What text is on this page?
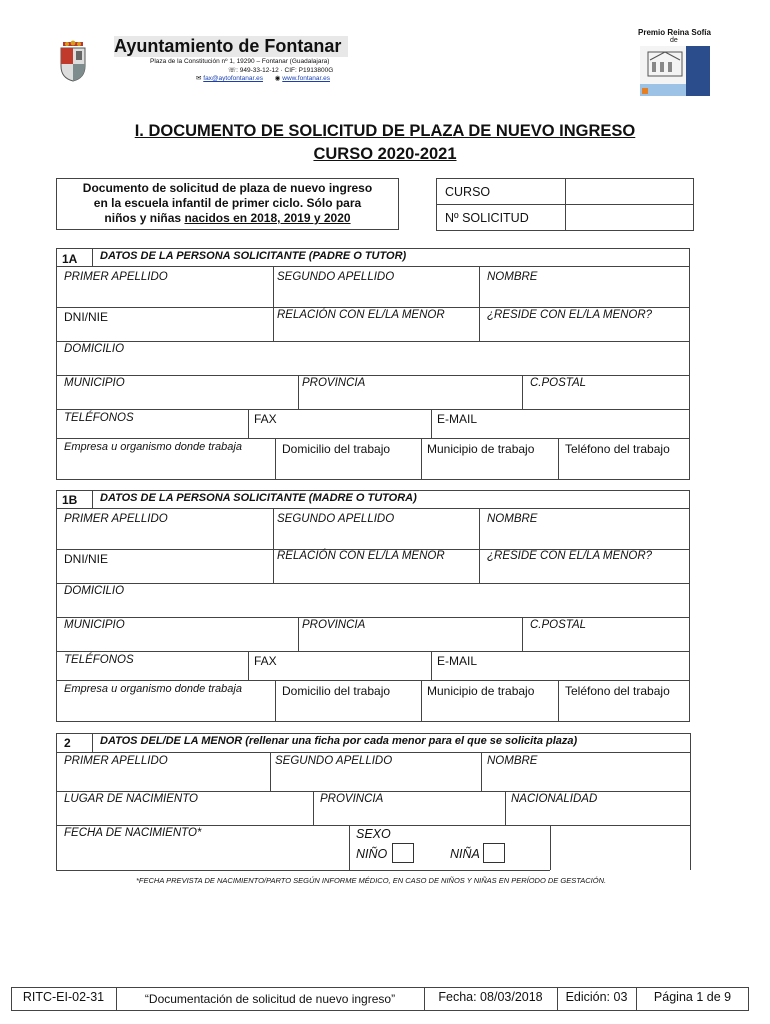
Ayuntamiento de Fontanar
Plaza de la Constitución nº 1, 19290 – Fontanar (Guadalajara)
☏: 949-33-12-12 · CIF: P1913800G
✉ fax@aytofontanar.es ◉ www.fontanar.es
Premio Reina Sofía
de
I. DOCUMENTO DE SOLICITUD DE PLAZA DE NUEVO INGRESO
CURSO 2020-2021
Documento de solicitud de plaza de nuevo ingreso
en la escuela infantil de primer ciclo. Sólo para
niños y niñas nacidos en 2018, 2019 y 2020
CURSO
Nº SOLICITUD
1A DATOS DE LA PERSONA SOLICITANTE (PADRE O TUTOR)
PRIMER APELLIDO	SEGUNDO APELLIDO	NOMBRE
DNI/NIE	RELACIÓN CON EL/LA MENOR	¿RESIDE CON EL/LA MENOR?
DOMICILIO
MUNICIPIO	PROVINCIA	C.POSTAL
TELÉFONOS	FAX	E-MAIL
Empresa u organismo donde trabaja	Domicilio del trabajo	Municipio de trabajo	Teléfono del trabajo
1B DATOS DE LA PERSONA SOLICITANTE (MADRE O TUTORA)
PRIMER APELLIDO	SEGUNDO APELLIDO	NOMBRE
DNI/NIE	RELACIÓN CON EL/LA MENOR	¿RESIDE CON EL/LA MENOR?
DOMICILIO
MUNICIPIO	PROVINCIA	C.POSTAL
TELÉFONOS	FAX	E-MAIL
Empresa u organismo donde trabaja	Domicilio del trabajo	Municipio de trabajo	Teléfono del trabajo
2	DATOS DEL/DE LA MENOR (rellenar una ficha por cada menor para el que se solicita plaza)
PRIMER APELLIDO	SEGUNDO APELLIDO	NOMBRE
LUGAR DE NACIMIENTO	PROVINCIA	NACIONALIDAD
FECHA DE NACIMIENTO*	SEXO
NIÑO	NIÑA
*FECHA PREVISTA DE NACIMIENTO/PARTO SEGÚN INFORME MÉDICO, EN CASO DE NIÑOS Y NIÑAS EN PERÍODO DE GESTACIÓN.
RITC-EI-02-31	“Documentación de solicitud de nuevo ingreso”	Fecha: 08/03/2018	Edición: 03	Página 1 de 9
